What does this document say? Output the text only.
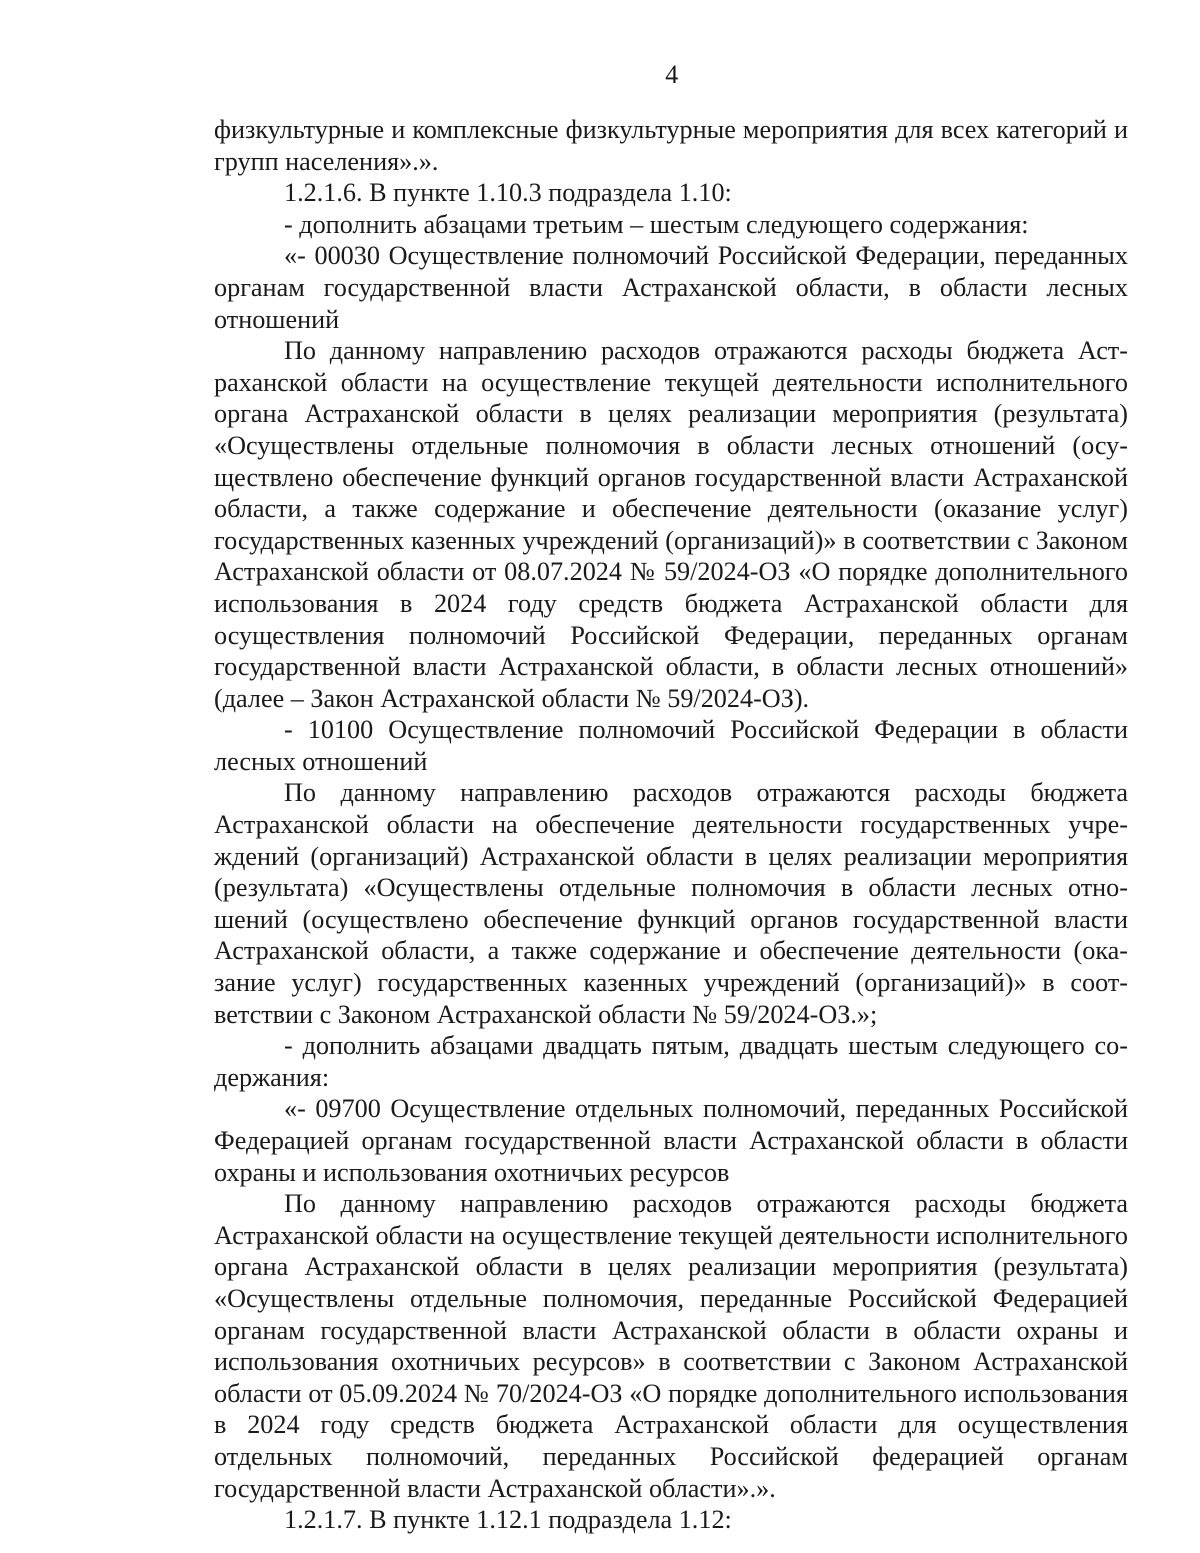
4

физкультурные и комплексные физкультурные мероприятия для всех категорий и групп населения».».

1.2.1.6. В пункте 1.10.3 подраздела 1.10:

- дополнить абзацами третьим – шестым следующего содержания:

«- 00030 Осуществление полномочий Российской Федерации, переданных органам государственной власти Астраханской области, в области лесных отношений

По данному направлению расходов отражаются расходы бюджета Астраханской области на осуществление текущей деятельности исполнительного органа Астраханской области в целях реализации мероприятия (результата) «Осуществлены отдельные полномочия в области лесных отношений (осуществлено обеспечение функций органов государственной власти Астраханской области, а также содержание и обеспечение деятельности (оказание услуг) государственных казенных учреждений (организаций)» в соответствии с Законом Астраханской области от 08.07.2024 № 59/2024-ОЗ «О порядке дополнительного использования в 2024 году средств бюджета Астраханской области для осуществления полномочий Российской Федерации, переданных органам государственной власти Астраханской области, в области лесных отношений» (далее – Закон Астраханской области № 59/2024-ОЗ).

- 10100 Осуществление полномочий Российской Федерации в области лесных отношений

По данному направлению расходов отражаются расходы бюджета Астраханской области на обеспечение деятельности государственных учреждений (организаций) Астраханской области в целях реализации мероприятия (результата) «Осуществлены отдельные полномочия в области лесных отношений (осуществлено обеспечение функций органов государственной власти Астраханской области, а также содержание и обеспечение деятельности (оказание услуг) государственных казенных учреждений (организаций)» в соответствии с Законом Астраханской области № 59/2024-ОЗ.»;

- дополнить абзацами двадцать пятым, двадцать шестым следующего содержания:

«- 09700 Осуществление отдельных полномочий, переданных Российской Федерацией органам государственной власти Астраханской области в области охраны и использования охотничьих ресурсов

По данному направлению расходов отражаются расходы бюджета Астраханской области на осуществление текущей деятельности исполнительного органа Астраханской области в целях реализации мероприятия (результата) «Осуществлены отдельные полномочия, переданные Российской Федерацией органам государственной власти Астраханской области в области охраны и использования охотничьих ресурсов» в соответствии с Законом Астраханской области от 05.09.2024 № 70/2024-ОЗ «О порядке дополнительного использования в 2024 году средств бюджета Астраханской области для осуществления отдельных полномочий, переданных Российской федерацией органам государственной власти Астраханской области».».

1.2.1.7. В пункте 1.12.1 подраздела 1.12:
